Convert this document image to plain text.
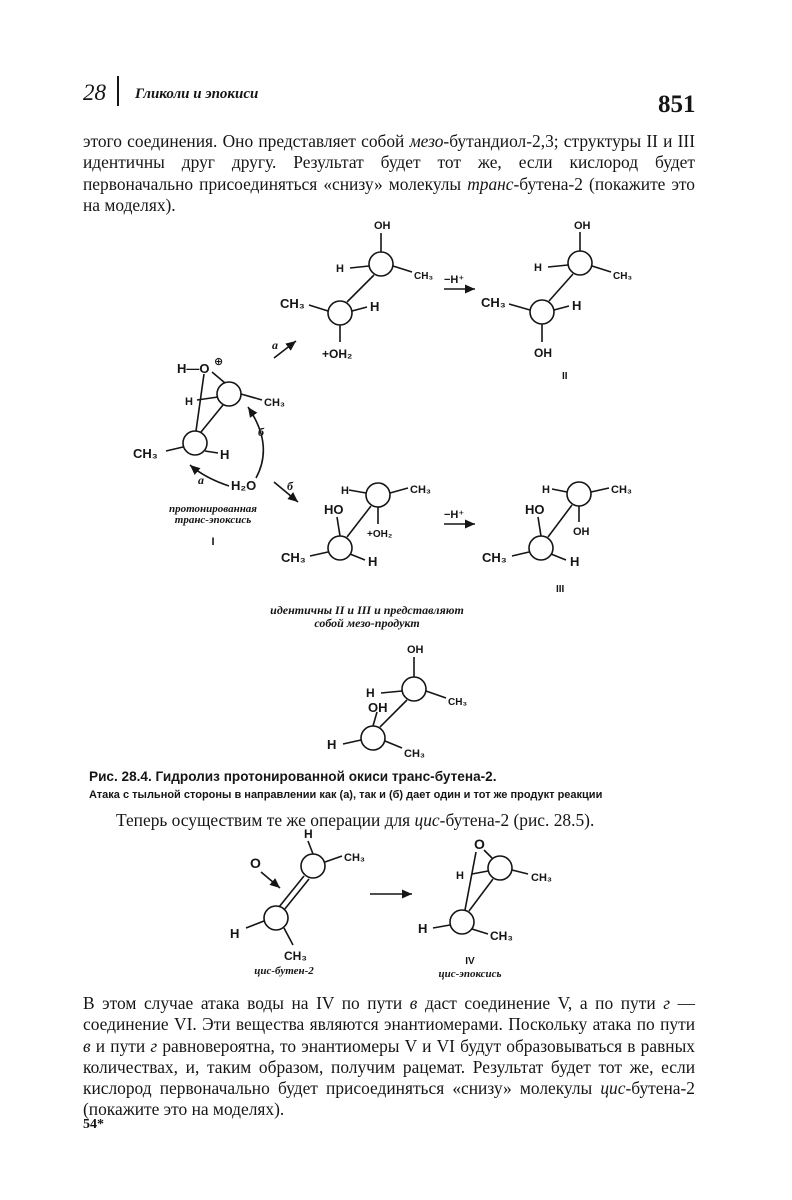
28 Гликоли и эпокиси	851
этого соединения. Оно представляет собой мезо-бутандиол-2,3; структуры II и III идентичны друг другу. Результат будет тот же, если кислород будет первоначально присоединяться «снизу» молекулы транс-бутена-2 (покажите это на моделях).
H—O ⊕
H	CH₃
CH₃	H
H₂O
б
a
протонированная
транс-эпоксись
I
a
б
OH
H
CH₃
CH₃	H
+OH₂
−H⁺
OH
H
CH₃
CH₃	H
OH
II
H	CH₃
HO
+OH₂
CH₃	H
−H⁺
H	CH₃
HO
OH
CH₃	H
III
идентичны II и III и представляют
собой мезо-продукт
OH
H
CH₃
OH
H
CH₃
H
CH₃
O
H
CH₃
цис-бутен-2
O
H	CH₃
H	CH₃
IV
цис-эпоксись
Рис. 28.4. Гидролиз протонированной окиси транс-бутена-2.
Атака с тыльной стороны в направлении как (а), так и (б) дает один и тот же продукт реакции
Теперь осуществим те же операции для цис-бутена-2 (рис. 28.5).
В этом случае атака воды на IV по пути в даст соединение V, а по пути г — соединение VI. Эти вещества являются энантиомерами. Поскольку атака по пути в и пути г равновероятна, то энантиомеры V и VI будут образовываться в равных количествах, и, таким образом, получим рацемат. Результат будет тот же, если кислород первоначально будет присоединяться «снизу» молекулы цис-бутена-2 (покажите это на моделях).
54*
